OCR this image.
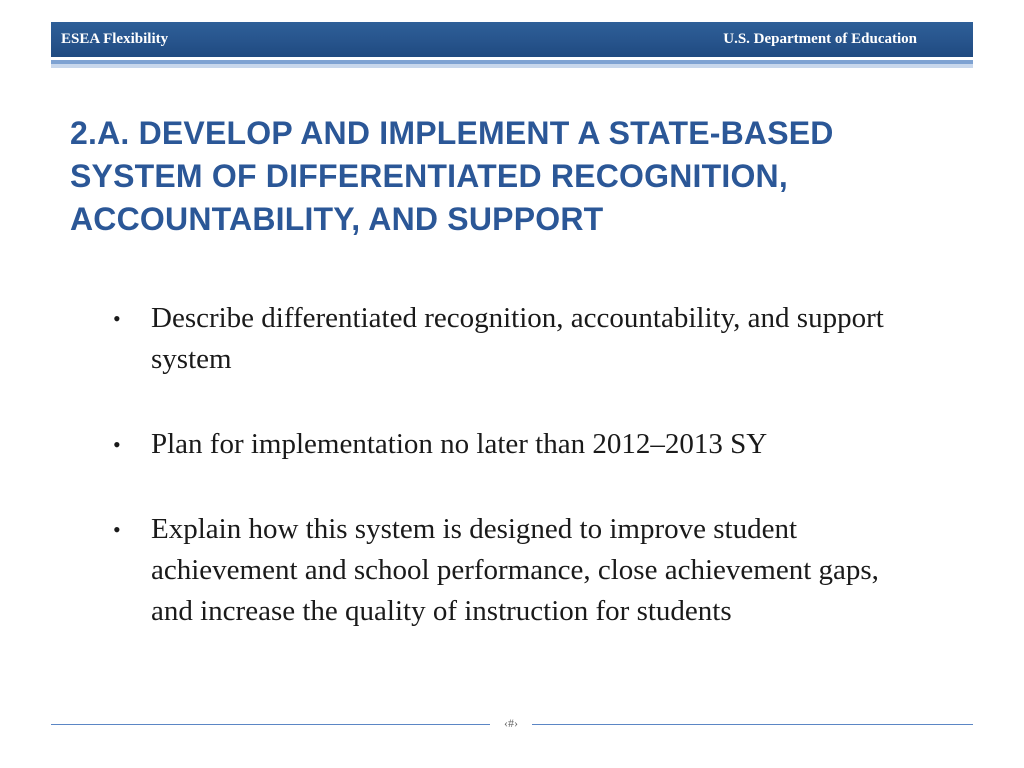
ESEA Flexibility	U.S. Department of Education
2.A. DEVELOP AND IMPLEMENT A STATE-BASED SYSTEM OF DIFFERENTIATED RECOGNITION, ACCOUNTABILITY, AND SUPPORT
• Describe differentiated recognition, accountability, and support system
• Plan for implementation no later than 2012–2013 SY
• Explain how this system is designed to improve student achievement and school performance, close achievement gaps, and increase the quality of instruction for students
‹#›
